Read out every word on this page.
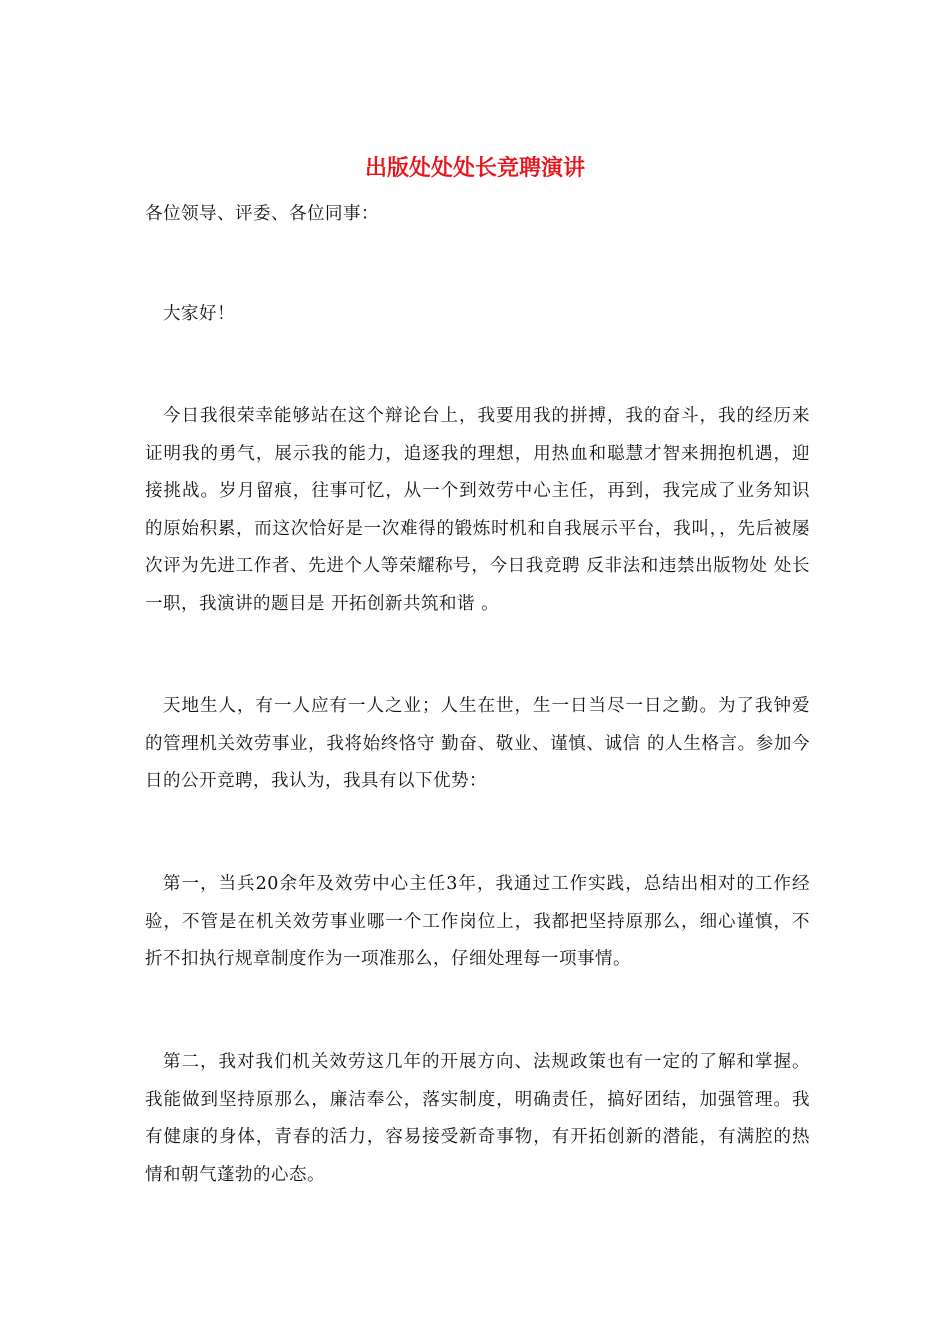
出版处处处长竞聘演讲

各位领导、评委、各位同事：

大家好！

今日我很荣幸能够站在这个辩论台上，我要用我的拼搏，我的奋斗，我的经历来证明我的勇气，展示我的能力，追逐我的理想，用热血和聪慧才智来拥抱机遇，迎接挑战。岁月留痕，往事可忆，从一个到效劳中心主任，再到，我完成了业务知识的原始积累，而这次恰好是一次难得的锻炼时机和自我展示平台，我叫，，先后被屡次评为先进工作者、先进个人等荣耀称号，今日我竞聘 反非法和违禁出版物处 处长一职，我演讲的题目是 开拓创新共筑和谐 。

天地生人，有一人应有一人之业；人生在世，生一日当尽一日之勤。为了我钟爱的管理机关效劳事业，我将始终恪守 勤奋、敬业、谨慎、诚信 的人生格言。参加今日的公开竞聘，我认为，我具有以下优势：

第一，当兵20余年及效劳中心主任3年，我通过工作实践，总结出相对的工作经验，不管是在机关效劳事业哪一个工作岗位上，我都把坚持原那么，细心谨慎，不折不扣执行规章制度作为一项准那么，仔细处理每一项事情。

第二，我对我们机关效劳这几年的开展方向、法规政策也有一定的了解和掌握。我能做到坚持原那么，廉洁奉公，落实制度，明确责任，搞好团结，加强管理。我有健康的身体，青春的活力，容易接受新奇事物，有开拓创新的潜能，有满腔的热情和朝气蓬勃的心态。
